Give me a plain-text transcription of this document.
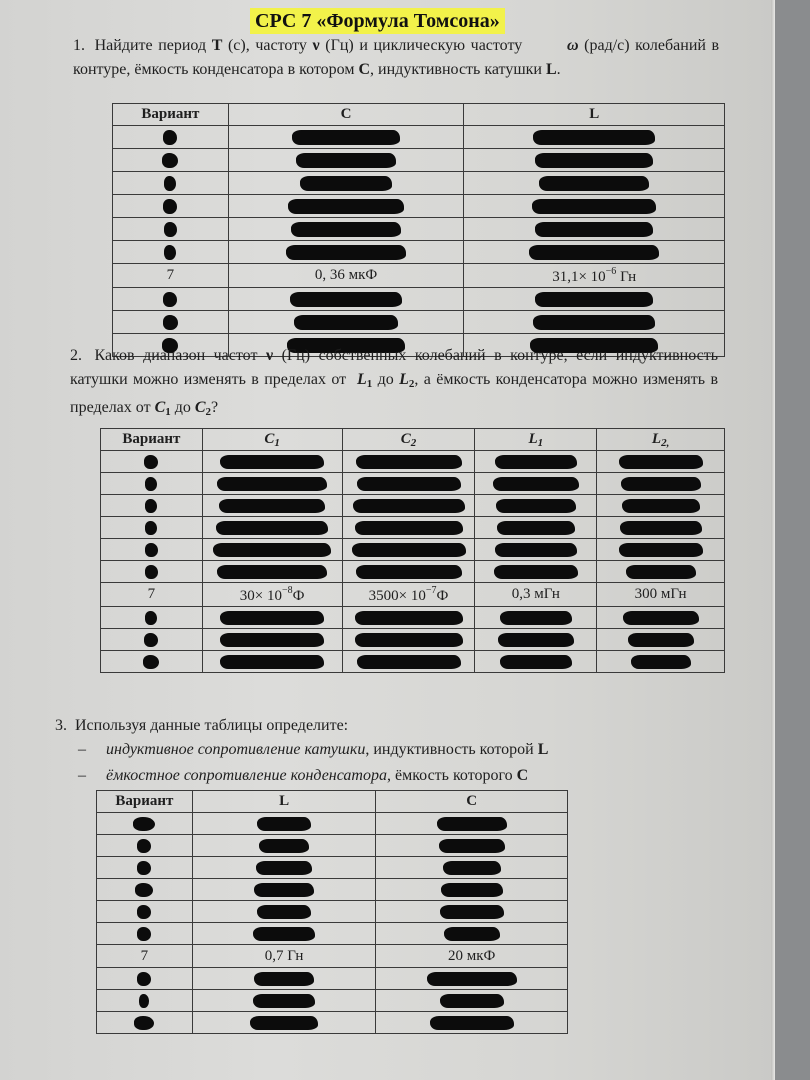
СРС 7 «Формула Томсона»

1. Найдите период T (с), частоту ν (Гц) и циклическую частоту	ω (рад/с) колебаний в контуре, ёмкость конденсатора в котором C, индуктивность катушки L.

Вариант	C	L

7	0, 36 мкФ	$31,1\times 10^{-6}$ Гн

2. Каков диапазон частот ν (Гц) собственных колебаний в контуре, если индуктивность катушки можно изменять в пределах от $L_1$ до $L_2$, а ёмкость конденсатора можно изменять в пределах от $C_1$ до $C_2$?

Вариант	$C_1$	$C_2$	$L_1$	$L_{2,}$

7	$30\times 10^{-8}Ф$	$3500\times 10^{-7}Ф$	0,3 мГн	300 мГн

3. Используя данные таблицы определите:

– индуктивное сопротивление катушки, индуктивность которой L
– ёмкостное сопротивление конденсатора, ёмкость которого C
Вариант	L	C

7	0,7 Гн	20 мкФ
